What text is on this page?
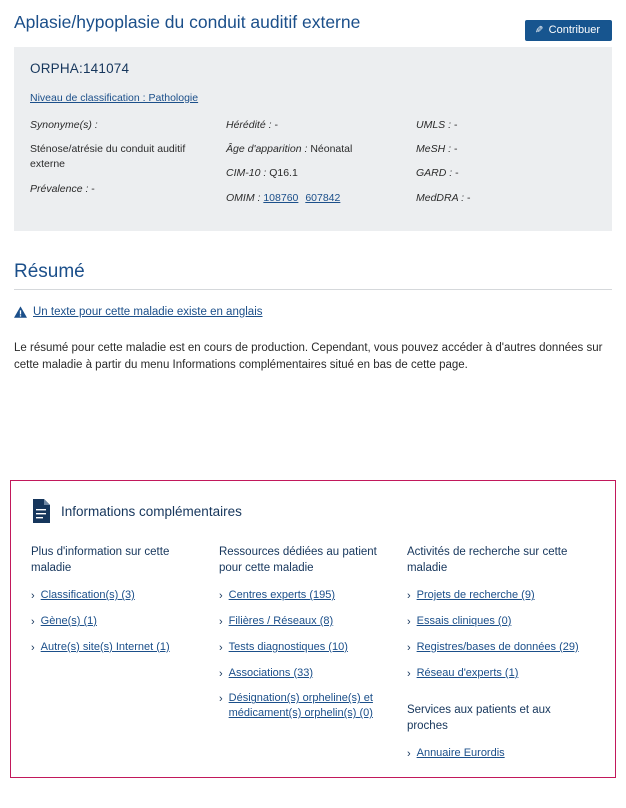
Aplasie/hypoplasie du conduit auditif externe	✎ Contribuer
ORPHA:141074
Niveau de classification : Pathologie
Synonyme(s) :
Sténose/atrésie du conduit auditif externe
Prévalence : -
Hérédité : -
Âge d'apparition : Néonatal
CIM-10 : Q16.1
OMIM : 108760 607842
UMLS : -
MeSH : -
GARD : -
MedDRA : -
Résumé
Un texte pour cette maladie existe en anglais

Le résumé pour cette maladie est en cours de production. Cependant, vous pouvez accéder à d'autres données sur cette maladie à partir du menu Informations complémentaires situé en bas de cette page.

Informations complémentaires
Plus d'information sur cette maladie
› Classification(s) (3)
› Gène(s) (1)
› Autre(s) site(s) Internet (1)
Ressources dédiées au patient pour cette maladie
› Centres experts (195)
› Filières / Réseaux (8)
› Tests diagnostiques (10)
› Associations (33)
› Désignation(s) orpheline(s) et médicament(s) orphelin(s) (0)
Activités de recherche sur cette maladie
› Projets de recherche (9)
› Essais cliniques (0)
› Registres/bases de données (29)
› Réseau d'experts (1)
Services aux patients et aux proches
› Annuaire Eurordis
